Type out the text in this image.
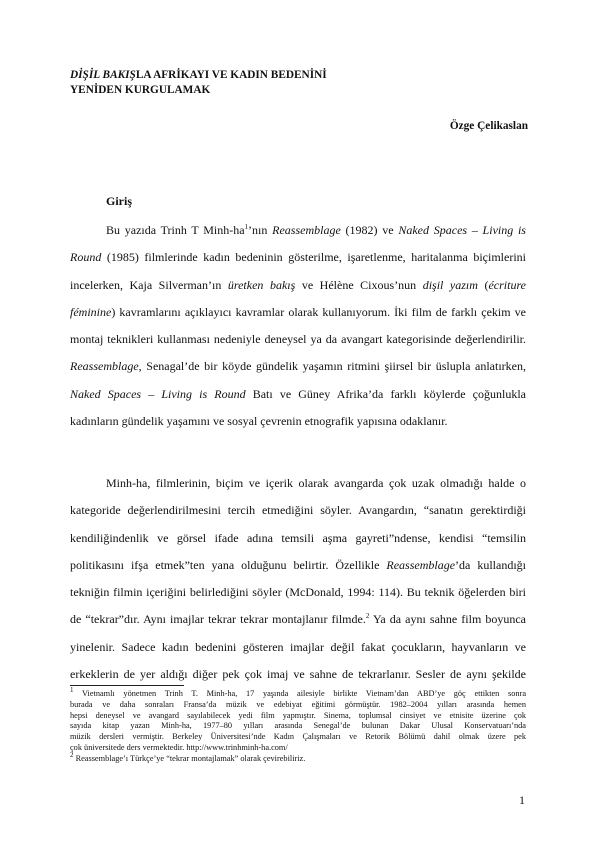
DİŞİL BAKIŞLA AFRİKAYI VE KADIN BEDENİNİ
YENİDEN KURGULAMAK
Özge Çelikaslan
Giriş
Bu yazıda Trinh T Minh-$ha^1’nın$ Reassemblage (1982) ve Naked Spaces – Living is
Round (1985) filmlerinde kadın bedeninin gösterilme, işaretlenme, haritalanma biçimlerini
incelerken, Kaja Silverman’ın üretken bakış ve Hélène Cixous’nun dişil yazım (écriture
féminine) kavramlarını açıklayıcı kavramlar olarak kullanıyorum. İki film de farklı çekim ve
montaj teknikleri kullanması nedeniyle deneysel ya da avangart kategorisinde değerlendirilir.
Reassemblage, Senagal’de bir köyde gündelik yaşamın ritmini şiirsel bir üslupla anlatırken,
Naked Spaces – Living is Round Batı ve Güney Afrika’da farklı köylerde çoğunlukla
kadınların gündelik yaşamını ve sosyal çevrenin etnografik yapısına odaklanır.
Minh-ha, filmlerinin, biçim ve içerik olarak avangarda çok uzak olmadığı halde o
kategoride değerlendirilmesini tercih etmediğini söyler. Avangardın, “sanatın gerektirdiği
kendiliğindenlik ve görsel ifade adına temsili aşma gayreti”ndense, kendisi “temsilin
politikasını ifşa etmek”ten yana olduğunu belirtir. Özellikle Reassemblage’da kullandığı
tekniğin filmin içeriğini belirlediğini söyler (McDonald, 1994: 114). Bu teknik öğelerden biri
de “tekrar”dır. Aynı imajlar tekrar tekrar montajlanır filmde.$^2$ Ya da aynı sahne film boyunca
yinelenir. Sadece kadın bedenini gösteren imajlar değil fakat çocukların, hayvanların ve
erkeklerin de yer aldığı diğer pek çok imaj ve sahne de tekrarlanır. Sesler de aynı şekilde
$^1$ Vietnamlı yönetmen Trinh T. Minh-ha, 17 yaşında ailesiyle birlikte Vietnam’dan ABD’ye göç ettikten sonra
burada ve daha sonraları Fransa’da müzik ve edebiyat eğitimi görmüştür. 1982–2004 yılları arasında hemen
hepsi deneysel ve avangard sayılabilecek yedi film yapmıştır. Sinema, toplumsal cinsiyet ve etnisite üzerine çok
sayıda kitap yazan Minh-ha, 1977–80 yılları arasında Senegal’de bulunan Dakar Ulusal Konservatuarı’nda
müzik dersleri vermiştir. Berkeley Üniversitesi’nde Kadın Çalışmaları ve Retorik Bölümü dahil olmak üzere pek
çok üniversitede ders vermektedir. http://www.trinhminh-ha.com/
$^2$ Reassemblage’ı Türkçe’ye “tekrar montajlamak” olarak çevirebiliriz.
1
